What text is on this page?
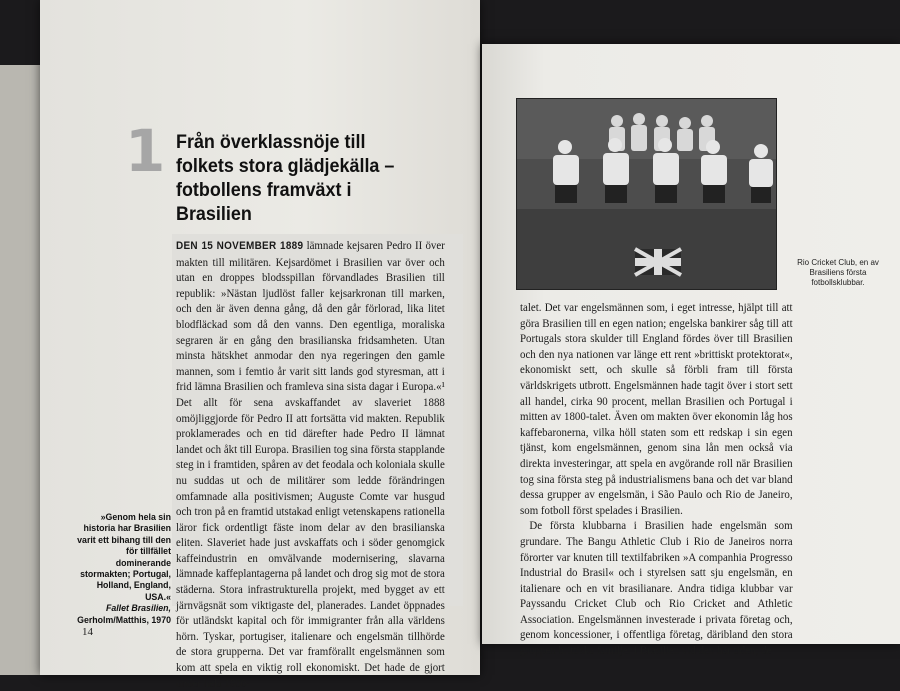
1 Från överklassnöje till folkets stora glädjekälla – fotbollens framväxt i Brasilien
DEN 15 NOVEMBER 1889 lämnade kejsaren Pedro II över makten till militären. Kejsardömet i Brasilien var över och utan en droppes blodsspillan förvandlades Brasilien till republik: »Nästan ljudlöst faller kejsarkronan till marken, och den är även denna gång, då den går förlorad, lika litet blodfläckad som då den vanns. Den egentliga, moraliska segraren är en gång den brasilianska fridsamheten. Utan minsta hätskhet anmodar den nya regeringen den gamle mannen, som i femtio år varit sitt lands god styresman, att i frid lämna Brasilien och framleva sina sista dagar i Europa.«¹ Det allt för sena avskaffandet av slaveriet 1888 omöjliggjorde för Pedro II att fortsätta vid makten. Republik proklamerades och en tid därefter hade Pedro II lämnat landet och åkt till Europa. Brasilien tog sina första stapplande steg in i framtiden, spåren av det feodala och koloniala skulle nu suddas ut och de militärer som ledde förändringen omfamnade alla positivismen; Auguste Comte var husgud och tron på en framtid utstakad enligt vetenskapens rationella läror fick ordentligt fäste inom delar av den brasilianska eliten. Slaveriet hade just avskaffats och i söder genomgick kaffeindustrin en omvälvande modernisering, slavarna lämnade kaffeplantagerna på landet och drog sig mot de stora städerna. Stora infrastrukturella projekt, med bygget av ett järnvägsnät som viktigaste del, planerades. Landet öppnades för utländskt kapital och för immigranter från alla världens hörn. Tyskar, portugiser, italienare och engelsmän tillhörde de stora grupperna. Det var framförallt engelsmännen som kom att spela en viktig roll ekonomiskt. Det hade de gjort under hela 1800-
»Genom hela sin historia har Brasilien varit ett bihang till den för tillfället dominerande stormakten; Portugal, Holland, England, USA.«
Fallet Brasilien,
Gerholm/Matthis, 1970
14
Rio Cricket Club, en av Brasiliens första fotbollsklubbar.

talet. Det var engelsmännen som, i eget intresse, hjälpt till att göra Brasilien till en egen nation; engelska bankirer såg till att Portugals stora skulder till England fördes över till Brasilien och den nya nationen var länge ett rent »brittiskt protektorat«, ekonomiskt sett, och skulle så förbli fram till första världskrigets utbrott. Engelsmännen hade tagit över i stort sett all handel, cirka 90 procent, mellan Brasilien och Portugal i mitten av 1800-talet. Även om makten över ekonomin låg hos kaffebaronerna, vilka höll staten som ett redskap i sin egen tjänst, kom engelsmännen, genom sina lån men också via direkta investeringar, att spela en avgörande roll när Brasilien tog sina första steg på industrialismens bana och det var bland dessa grupper av engelsmän, i São Paulo och Rio de Janeiro, som fotboll först spelades i Brasilien.

De första klubbarna i Brasilien hade engelsmän som grundare. The Bangu Athletic Club i Rio de Janeiros norra förorter var knuten till textilfabriken »A companhia Progresso Industrial do Brasil« och i styrelsen satt sju engelsmän, en italienare och en vit brasilianare. Andra tidiga klubbar var Payssandu Cricket Club och Rio Cricket and Athletic Association. Engelsmännen investerade i privata företag och, genom koncessioner, i offentliga företag, däribland den stora gruppen brittiska familjer i Brasilien vid den här tiden; de
